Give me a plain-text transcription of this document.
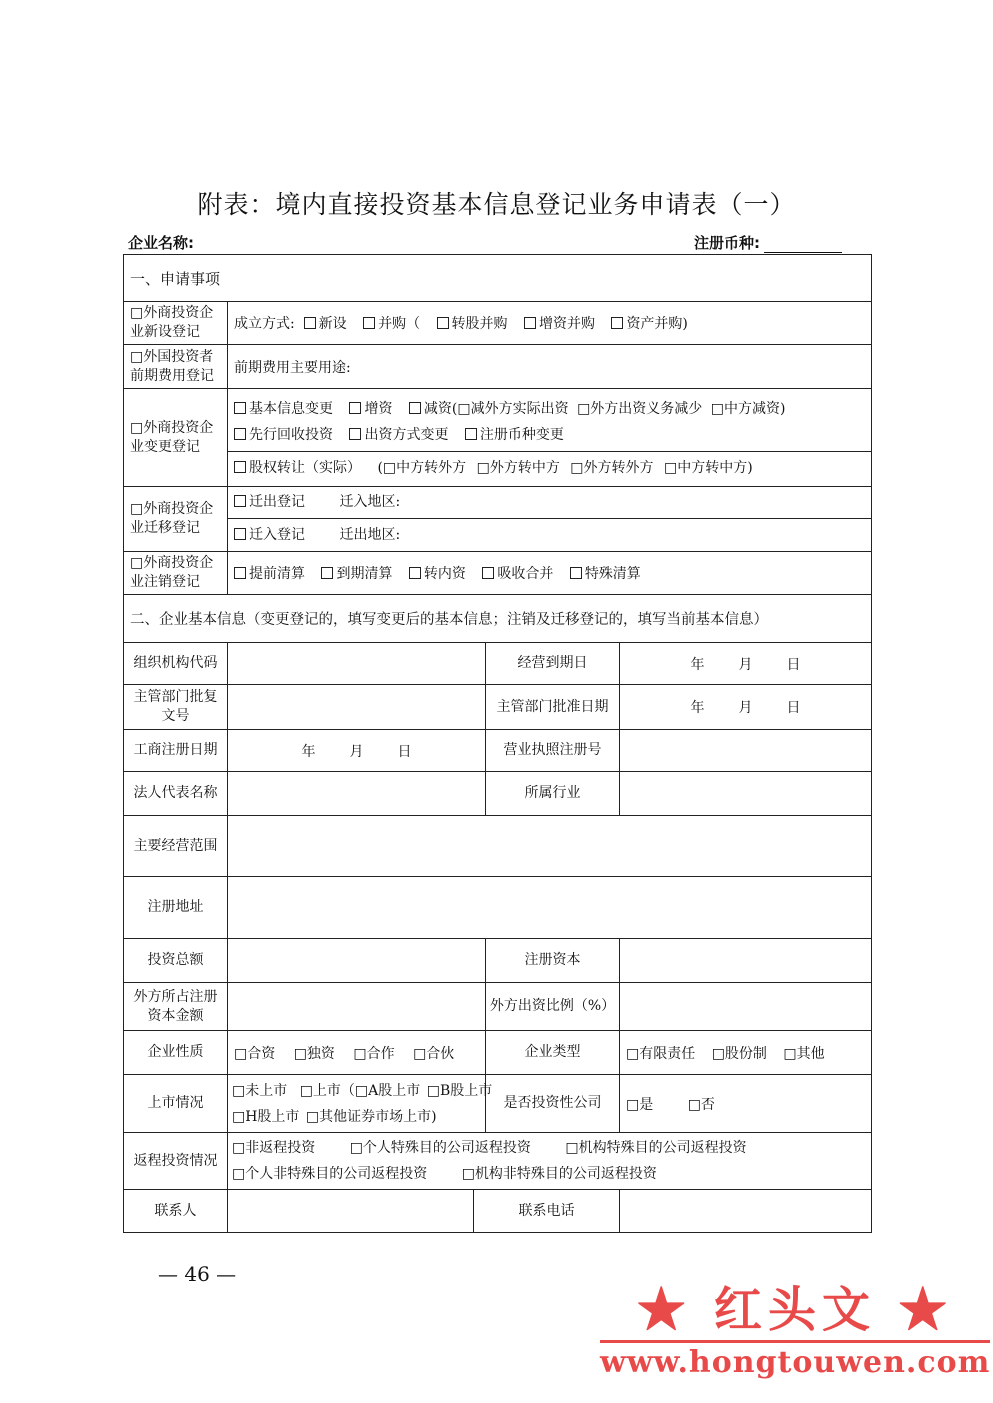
附表：境内直接投资基本信息登记业务申请表（一）
企业名称:	注册币种:
一、申请事项				
□外商投资企业新设登记	成立方式: 新设 并购（ 转股并购 增资并购 资产并购)			
□外国投资者前期费用登记	前期费用主要用途:			
□外商投资企业变更登记	基本信息变更 增资 减资(□减外方实际出资 □外方出资义务减少 □中方减资)
先行回收投资 出资方式变更 注册币种变更
股权转让（实际） (□中方转外方 □外方转中方 □外方转外方 □中方转中方)			

□外商投资企业迁移登记	迁出登记 迁入地区:
迁入登记 迁出地区:			

□外商投资企业注销登记	提前清算 到期清算 转内资 吸收合并 特殊清算			
二、企业基本信息（变更登记的，填写变更后的基本信息；注销及迁移登记的，填写当前基本信息）				
组织机构代码			经营到期日	年 月 日
主管部门批复文号			主管部门批准日期	年 月 日
工商注册日期	年 月 日		营业执照注册号	
法人代表名称			所属行业	
主要经营范围				
注册地址				
投资总额			注册资本	
外方所占注册资本金额			外方出资比例（%）	
企业性质	□合资 □独资 □合作 □合伙		企业类型	□有限责任 □股份制 □其他
上市情况	□未上市 □上市（□A股上市 □B股上市
□H股上市 □其他证券市场上市)		是否投资性公司	□是 □否
返程投资情况	□非返程投资 □个人特殊目的公司返程投资 □机构特殊目的公司返程投资
□个人非特殊目的公司返程投资 □机构非特殊目的公司返程投资			

联系人		联系电话		
— 46 —
★ 红头文 ★
www.hongtouwen.com
